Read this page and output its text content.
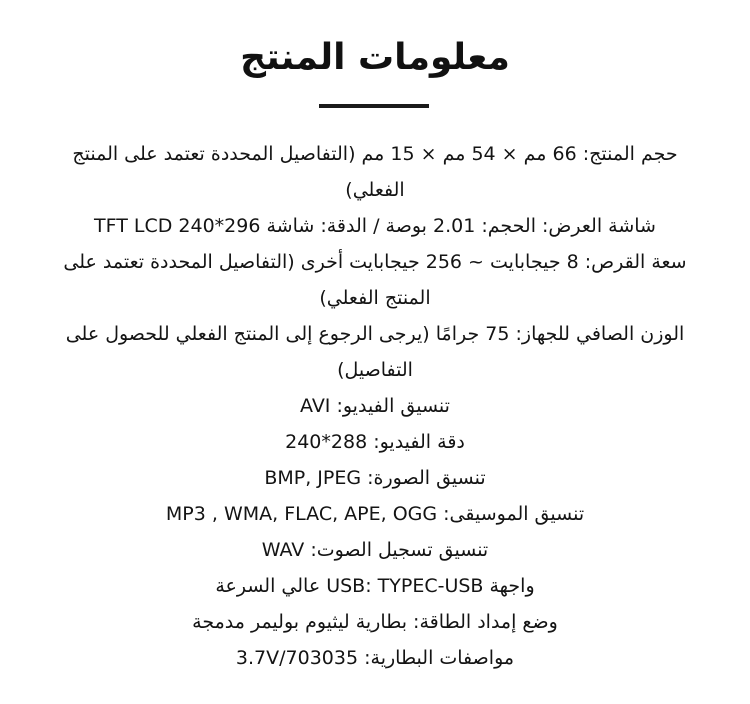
معلومات المنتج
حجم المنتج: 66 مم × 54 مم × 15 مم (التفاصيل المحددة تعتمد على المنتج الفعلي)
شاشة العرض: الحجم: 2.01 بوصة / الدقة: شاشة 296*240 TFT LCD
سعة القرص: 8 جيجابايت ~ 256 جيجابايت أخرى (التفاصيل المحددة تعتمد على المنتج الفعلي)
الوزن الصافي للجهاز: 75 جرامًا (يرجى الرجوع إلى المنتج الفعلي للحصول على التفاصيل)
تنسيق الفيديو: AVI
دقة الفيديو: 288*240
تنسيق الصورة: BMP, JPEG
تنسيق الموسيقى: MP3 , WMA, FLAC, APE, OGG
تنسيق تسجيل الصوت: WAV
واجهة USB: TYPEC-USB عالي السرعة
وضع إمداد الطاقة: بطارية ليثيوم بوليمر مدمجة
مواصفات البطارية: 3.7V/703035
